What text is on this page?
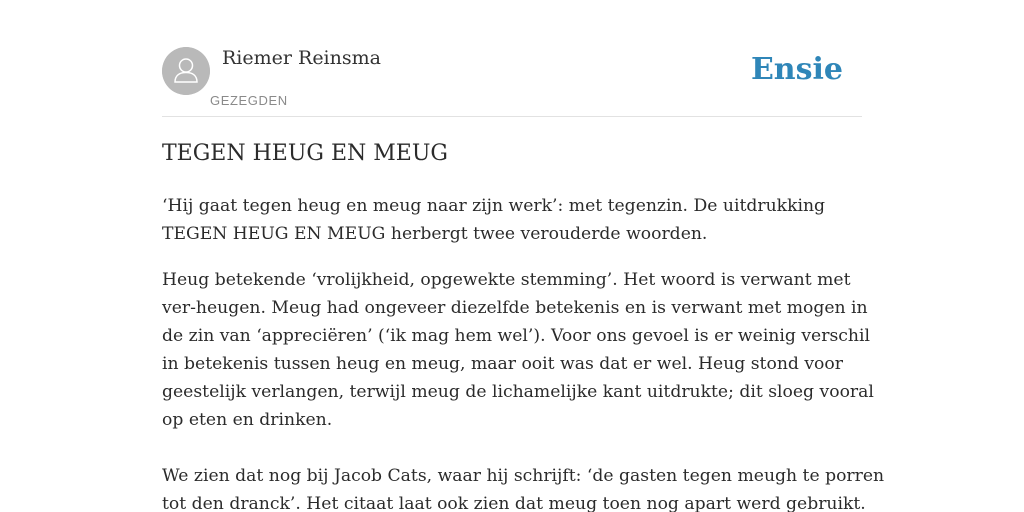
Riemer Reinsma
GEZEGDEN
Ensie
TEGEN HEUG EN MEUG
‘Hij gaat tegen heug en meug naar zijn werk’: met tegenzin. De uitdrukking
TEGEN HEUG EN MEUG herbergt twee verouderde woorden.
Heug betekende ‘vrolijkheid, opgewekte stemming’. Het woord is verwant met
ver-heugen. Meug had ongeveer diezelfde betekenis en is verwant met mogen in
de zin van ‘appreciëren’ (‘ik mag hem wel’). Voor ons gevoel is er weinig verschil
in betekenis tussen heug en meug, maar ooit was dat er wel. Heug stond voor
geestelijk verlangen, terwijl meug de lichamelijke kant uitdrukte; dit sloeg vooral
op eten en drinken.
We zien dat nog bij Jacob Cats, waar hij schrijft: ‘de gasten tegen meugh te porren
tot den dranck’. Het citaat laat ook zien dat meug toen nog apart werd gebruikt.
